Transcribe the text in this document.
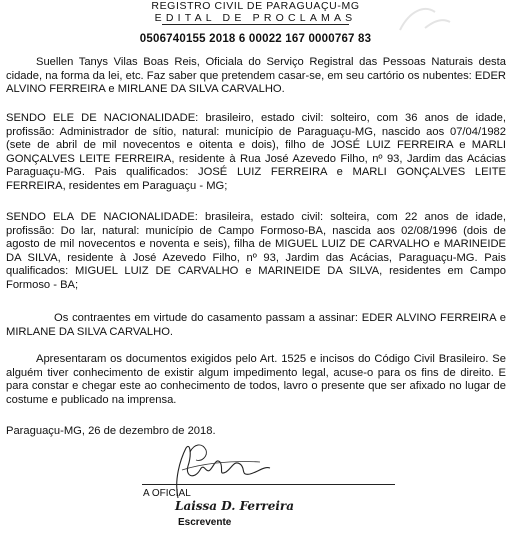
REGISTRO CIVIL DE PARAGUAÇU-MG
EDITAL DE PROCLAMAS
0506740155 2018 6 00022 167 0000767 83

Suellen Tanys Vilas Boas Reis, Oficiala do Serviço Registral das Pessoas Naturais desta cidade, na forma da lei, etc. Faz saber que pretendem casar-se, em seu cartório os nubentes: EDER ALVINO FERREIRA e MIRLANE DA SILVA CARVALHO.

SENDO ELE DE NACIONALIDADE: brasileiro, estado civil: solteiro, com 36 anos de idade, profissão: Administrador de sítio, natural: município de Paraguaçu-MG, nascido aos 07/04/1982 (sete de abril de mil novecentos e oitenta e dois), filho de JOSÉ LUIZ FERREIRA e MARLI GONÇALVES LEITE FERREIRA, residente à Rua José Azevedo Filho, nº 93, Jardim das Acácias Paraguaçu-MG. Pais qualificados: JOSÉ LUIZ FERREIRA e MARLI GONÇALVES LEITE FERREIRA, residentes em Paraguaçu - MG;

SENDO ELA DE NACIONALIDADE: brasileira, estado civil: solteira, com 22 anos de idade, profissão: Do lar, natural: município de Campo Formoso-BA, nascida aos 02/08/1996 (dois de agosto de mil novecentos e noventa e seis), filha de MIGUEL LUIZ DE CARVALHO e MARINEIDE DA SILVA, residente à José Azevedo Filho, nº 93, Jardim das Acácias, Paraguaçu-MG. Pais qualificados: MIGUEL LUIZ DE CARVALHO e MARINEIDE DA SILVA, residentes em Campo Formoso - BA;

Os contraentes em virtude do casamento passam a assinar: EDER ALVINO FERREIRA e MIRLANE DA SILVA CARVALHO.

Apresentaram os documentos exigidos pelo Art. 1525 e incisos do Código Civil Brasileiro. Se alguém tiver conhecimento de existir algum impedimento legal, acuse-o para os fins de direito. E para constar e chegar este ao conhecimento de todos, lavro o presente que ser afixado no lugar de costume e publicado na imprensa.

Paraguaçu-MG, 26 de dezembro de 2018.
A OFICIAL
Laissa D. Ferreira
Escrevente
